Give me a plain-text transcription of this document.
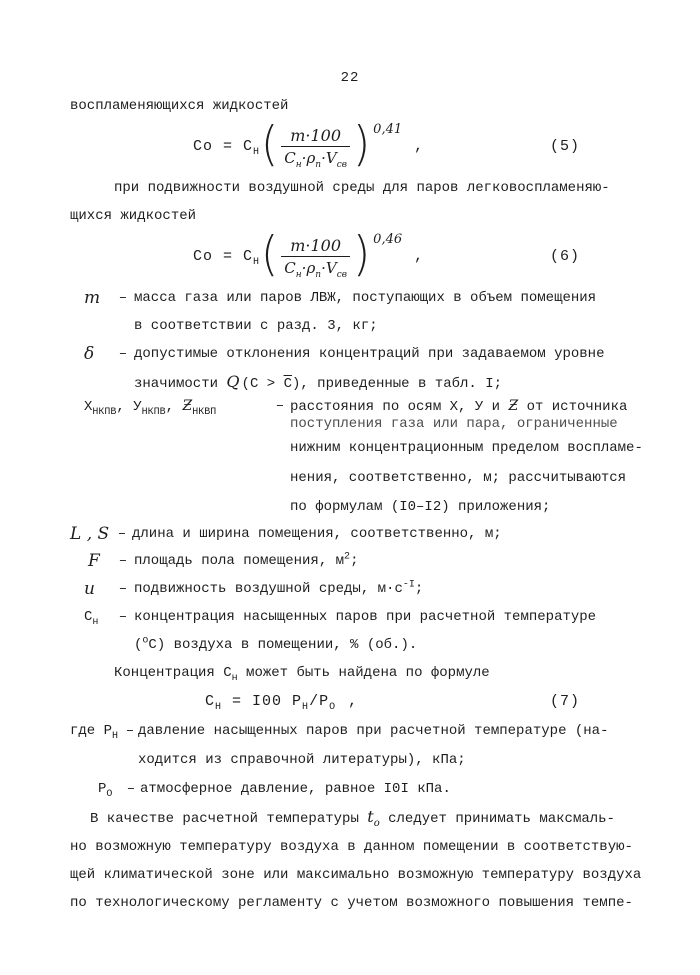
22
воспламеняющихся жидкостей
$Co = C_Н$ ( $\frac{m\cdot 100}{C_н\cdot\rho_п\cdot V_{св}}$ ) 0,41
,	(5)
при подвижности воздушной среды для паров легковоспламеняю-
щихся жидкостей
$Co = C_Н$ ( $\frac{m\cdot 100}{C_н\cdot\rho_п\cdot V_{св}}$ ) 0,46
,	(6)
m	– масса газа или паров ЛВЖ, поступающих в объем помещения
в соответствии с разд. 3, кг;
δ	– допустимые отклонения концентраций при задаваемом уровне
значимости Q $(C > \overline{C})$, приведенные в табл. I;
$X_{НКПВ}$, $У_{НКПВ}$, $Ƶ_{НКВП}$	– расстояния по осям X, У и Ƶ от источника
поступления газа или пара, ограниченные
нижним концентрационным пределом воспламе-
нения, соответственно, м; рассчитываются
по формулам (I0–I2) приложения;
L , S – длина и ширина помещения, соответственно, м;
F	– площадь пола помещения, $м^2$;
u	– подвижность воздушной среды, $м\cdot с^{-I}$;
$C_н$	– концентрация насыщенных паров при расчетной температуре
($^о$С) воздуха в помещении, % (об.).
Концентрация $C_н$ может быть найдена по формуле
$C_Н = I00$ $P_Н/P_О$ ,	(7)
где $P_Н$ – давление насыщенных паров при расчетной температуре (на-
ходится из справочной литературы), кПа;
$P_О$	– атмосферное давление, равное I0I кПа.
В качестве расчетной температуры $t_о$ следует принимать максмаль-
но возможную температуру воздуха в данном помещении в соответствую-
щей климатической зоне или максимально возможную температуру воздуха
по технологическому регламенту с учетом возможного повышения темпе-
